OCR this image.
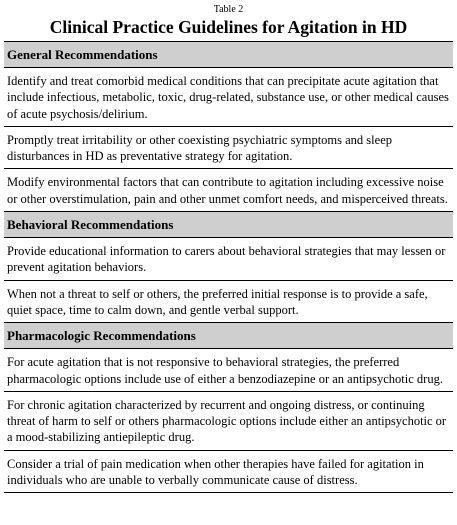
Table 2
Clinical Practice Guidelines for Agitation in HD
General Recommendations
Identify and treat comorbid medical conditions that can precipitate acute agitation that include infectious, metabolic, toxic, drug-related, substance use, or other medical causes of acute psychosis/delirium.
Promptly treat irritability or other coexisting psychiatric symptoms and sleep disturbances in HD as preventative strategy for agitation.
Modify environmental factors that can contribute to agitation including excessive noise or other overstimulation, pain and other unmet comfort needs, and misperceived threats.
Behavioral Recommendations
Provide educational information to carers about behavioral strategies that may lessen or prevent agitation behaviors.
When not a threat to self or others, the preferred initial response is to provide a safe, quiet space, time to calm down, and gentle verbal support.
Pharmacologic Recommendations
For acute agitation that is not responsive to behavioral strategies, the preferred pharmacologic options include use of either a benzodiazepine or an antipsychotic drug.
For chronic agitation characterized by recurrent and ongoing distress, or continuing threat of harm to self or others pharmacologic options include either an antipsychotic or a mood-stabilizing antiepileptic drug.
Consider a trial of pain medication when other therapies have failed for agitation in individuals who are unable to verbally communicate cause of distress.
